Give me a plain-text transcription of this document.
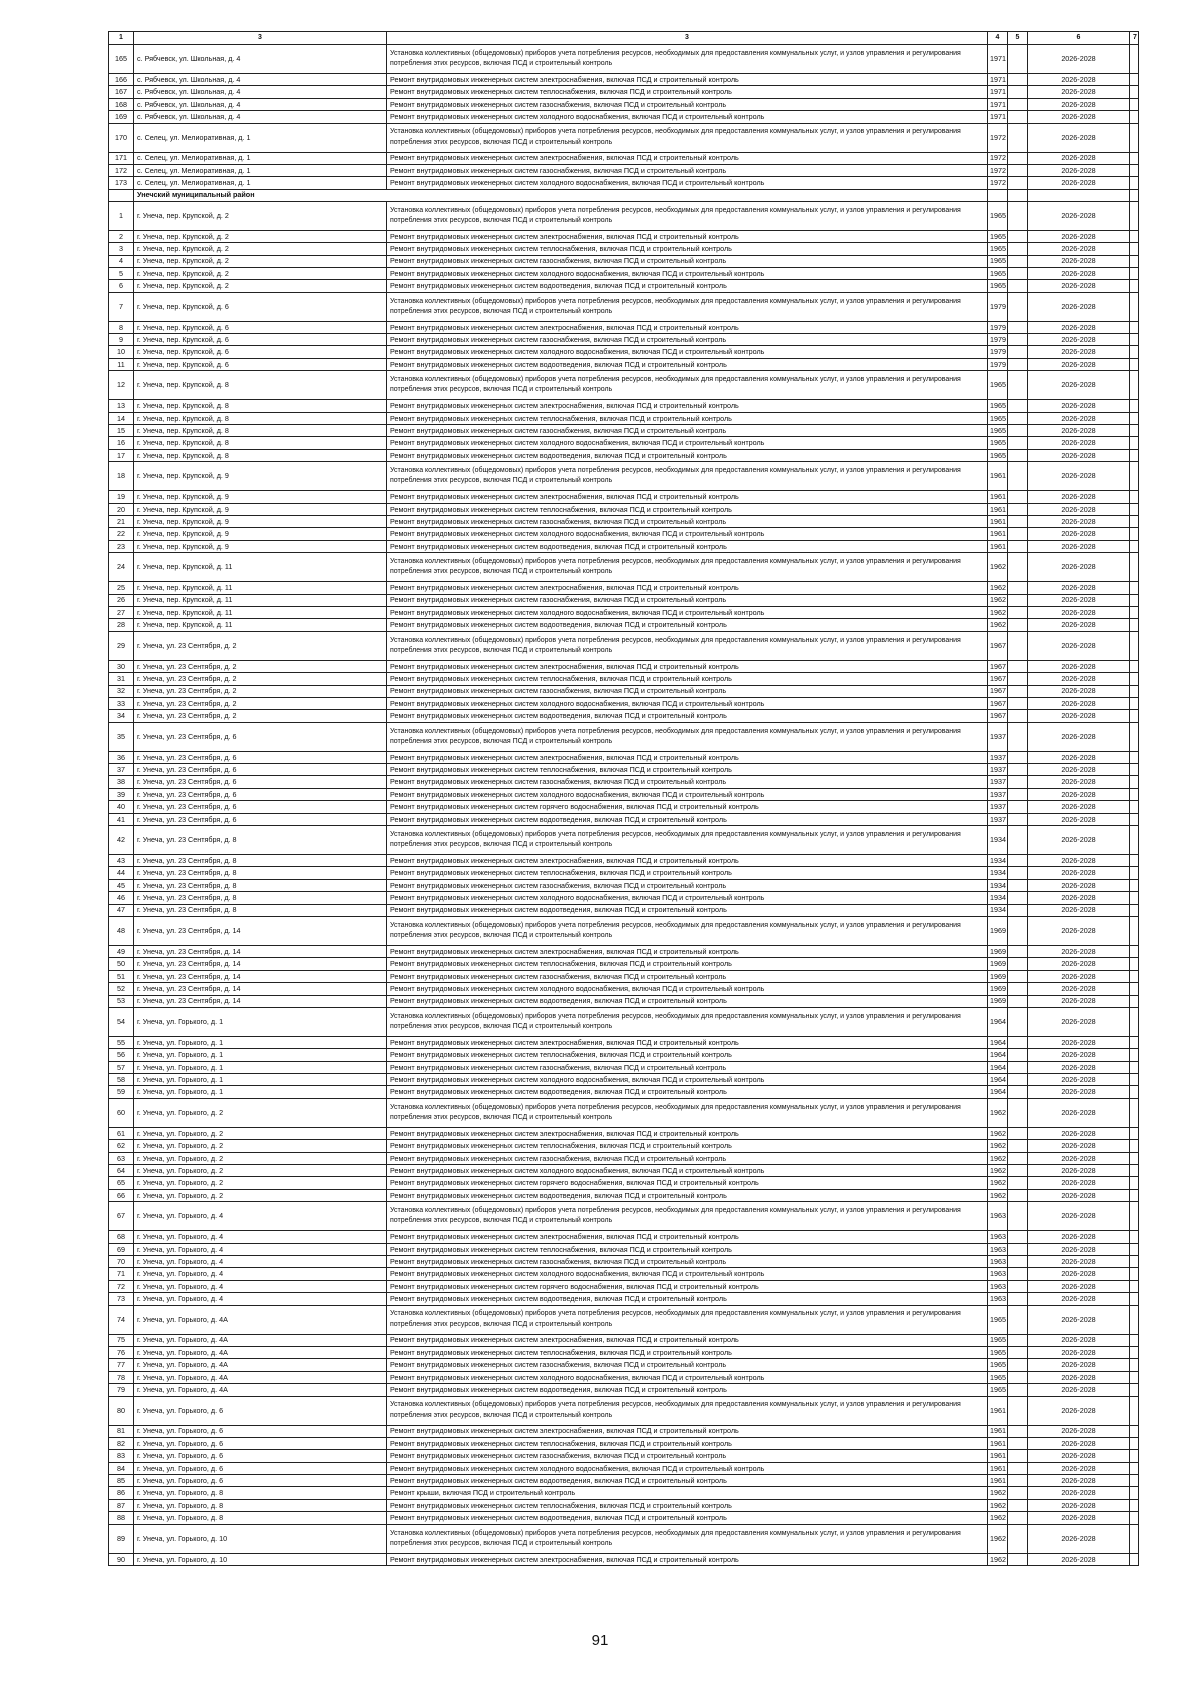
1	3	3	4	5	6	7
165	с. Рябчевск, ул. Школьная, д. 4	Установка коллективных (общедомовых) приборов учета потребления ресурсов, необходимых для предоставления коммунальных услуг, и узлов управления и регулирования потребления этих ресурсов, включая ПСД и строительный контроль	1971		2026-2028	
166	с. Рябчевск, ул. Школьная, д. 4	Ремонт внутридомовых инженерных систем электроснабжения, включая ПСД и строительный контроль	1971		2026-2028	
167	с. Рябчевск, ул. Школьная, д. 4	Ремонт внутридомовых инженерных систем теплоснабжения, включая ПСД и строительный контроль	1971		2026-2028	
168	с. Рябчевск, ул. Школьная, д. 4	Ремонт внутридомовых инженерных систем газоснабжения, включая ПСД и строительный контроль	1971		2026-2028	
169	с. Рябчевск, ул. Школьная, д. 4	Ремонт внутридомовых инженерных систем холодного водоснабжения, включая ПСД и строительный контроль	1971		2026-2028	
170	с. Селец, ул. Мелиоративная, д. 1	Установка коллективных (общедомовых) приборов учета потребления ресурсов, необходимых для предоставления коммунальных услуг, и узлов управления и регулирования потребления этих ресурсов, включая ПСД и строительный контроль	1972		2026-2028	
171	с. Селец, ул. Мелиоративная, д. 1	Ремонт внутридомовых инженерных систем электроснабжения, включая ПСД и строительный контроль	1972		2026-2028	
172	с. Селец, ул. Мелиоративная, д. 1	Ремонт внутридомовых инженерных систем газоснабжения, включая ПСД и строительный контроль	1972		2026-2028	
173	с. Селец, ул. Мелиоративная, д. 1	Ремонт внутридомовых инженерных систем холодного водоснабжения, включая ПСД и строительный контроль	1972		2026-2028	
	Унечский муниципальный район					
1	г. Унеча, пер. Крупской, д. 2	Установка коллективных (общедомовых) приборов учета потребления ресурсов, необходимых для предоставления коммунальных услуг, и узлов управления и регулирования потребления этих ресурсов, включая ПСД и строительный контроль	1965		2026-2028	
2	г. Унеча, пер. Крупской, д. 2	Ремонт внутридомовых инженерных систем электроснабжения, включая ПСД и строительный контроль	1965		2026-2028	
3	г. Унеча, пер. Крупской, д. 2	Ремонт внутридомовых инженерных систем теплоснабжения, включая ПСД и строительный контроль	1965		2026-2028	
4	г. Унеча, пер. Крупской, д. 2	Ремонт внутридомовых инженерных систем газоснабжения, включая ПСД и строительный контроль	1965		2026-2028	
5	г. Унеча, пер. Крупской, д. 2	Ремонт внутридомовых инженерных систем холодного водоснабжения, включая ПСД и строительный контроль	1965		2026-2028	
6	г. Унеча, пер. Крупской, д. 2	Ремонт внутридомовых инженерных систем водоотведения, включая ПСД и строительный контроль	1965		2026-2028	
7	г. Унеча, пер. Крупской, д. 6	Установка коллективных (общедомовых) приборов учета потребления ресурсов, необходимых для предоставления коммунальных услуг, и узлов управления и регулирования потребления этих ресурсов, включая ПСД и строительный контроль	1979		2026-2028	
8	г. Унеча, пер. Крупской, д. 6	Ремонт внутридомовых инженерных систем электроснабжения, включая ПСД и строительный контроль	1979		2026-2028	
9	г. Унеча, пер. Крупской, д. 6	Ремонт внутридомовых инженерных систем газоснабжения, включая ПСД и строительный контроль	1979		2026-2028	
10	г. Унеча, пер. Крупской, д. 6	Ремонт внутридомовых инженерных систем холодного водоснабжения, включая ПСД и строительный контроль	1979		2026-2028	
11	г. Унеча, пер. Крупской, д. 6	Ремонт внутридомовых инженерных систем водоотведения, включая ПСД и строительный контроль	1979		2026-2028	
12	г. Унеча, пер. Крупской, д. 8	Установка коллективных (общедомовых) приборов учета потребления ресурсов, необходимых для предоставления коммунальных услуг, и узлов управления и регулирования потребления этих ресурсов, включая ПСД и строительный контроль	1965		2026-2028	
13	г. Унеча, пер. Крупской, д. 8	Ремонт внутридомовых инженерных систем электроснабжения, включая ПСД и строительный контроль	1965		2026-2028	
14	г. Унеча, пер. Крупской, д. 8	Ремонт внутридомовых инженерных систем теплоснабжения, включая ПСД и строительный контроль	1965		2026-2028	
15	г. Унеча, пер. Крупской, д. 8	Ремонт внутридомовых инженерных систем газоснабжения, включая ПСД и строительный контроль	1965		2026-2028	
16	г. Унеча, пер. Крупской, д. 8	Ремонт внутридомовых инженерных систем холодного водоснабжения, включая ПСД и строительный контроль	1965		2026-2028	
17	г. Унеча, пер. Крупской, д. 8	Ремонт внутридомовых инженерных систем водоотведения, включая ПСД и строительный контроль	1965		2026-2028	
18	г. Унеча, пер. Крупской, д. 9	Установка коллективных (общедомовых) приборов учета потребления ресурсов, необходимых для предоставления коммунальных услуг, и узлов управления и регулирования потребления этих ресурсов, включая ПСД и строительный контроль	1961		2026-2028	
19	г. Унеча, пер. Крупской, д. 9	Ремонт внутридомовых инженерных систем электроснабжения, включая ПСД и строительный контроль	1961		2026-2028	
20	г. Унеча, пер. Крупской, д. 9	Ремонт внутридомовых инженерных систем теплоснабжения, включая ПСД и строительный контроль	1961		2026-2028	
21	г. Унеча, пер. Крупской, д. 9	Ремонт внутридомовых инженерных систем газоснабжения, включая ПСД и строительный контроль	1961		2026-2028	
22	г. Унеча, пер. Крупской, д. 9	Ремонт внутридомовых инженерных систем холодного водоснабжения, включая ПСД и строительный контроль	1961		2026-2028	
23	г. Унеча, пер. Крупской, д. 9	Ремонт внутридомовых инженерных систем водоотведения, включая ПСД и строительный контроль	1961		2026-2028	
24	г. Унеча, пер. Крупской, д. 11	Установка коллективных (общедомовых) приборов учета потребления ресурсов, необходимых для предоставления коммунальных услуг, и узлов управления и регулирования потребления этих ресурсов, включая ПСД и строительный контроль	1962		2026-2028	
25	г. Унеча, пер. Крупской, д. 11	Ремонт внутридомовых инженерных систем электроснабжения, включая ПСД и строительный контроль	1962		2026-2028	
26	г. Унеча, пер. Крупской, д. 11	Ремонт внутридомовых инженерных систем газоснабжения, включая ПСД и строительный контроль	1962		2026-2028	
27	г. Унеча, пер. Крупской, д. 11	Ремонт внутридомовых инженерных систем холодного водоснабжения, включая ПСД и строительный контроль	1962		2026-2028	
28	г. Унеча, пер. Крупской, д. 11	Ремонт внутридомовых инженерных систем водоотведения, включая ПСД и строительный контроль	1962		2026-2028	
29	г. Унеча, ул. 23 Сентября, д. 2	Установка коллективных (общедомовых) приборов учета потребления ресурсов, необходимых для предоставления коммунальных услуг, и узлов управления и регулирования потребления этих ресурсов, включая ПСД и строительный контроль	1967		2026-2028	
30	г. Унеча, ул. 23 Сентября, д. 2	Ремонт внутридомовых инженерных систем электроснабжения, включая ПСД и строительный контроль	1967		2026-2028	
31	г. Унеча, ул. 23 Сентября, д. 2	Ремонт внутридомовых инженерных систем теплоснабжения, включая ПСД и строительный контроль	1967		2026-2028	
32	г. Унеча, ул. 23 Сентября, д. 2	Ремонт внутридомовых инженерных систем газоснабжения, включая ПСД и строительный контроль	1967		2026-2028	
33	г. Унеча, ул. 23 Сентября, д. 2	Ремонт внутридомовых инженерных систем холодного водоснабжения, включая ПСД и строительный контроль	1967		2026-2028	
34	г. Унеча, ул. 23 Сентября, д. 2	Ремонт внутридомовых инженерных систем водоотведения, включая ПСД и строительный контроль	1967		2026-2028	
35	г. Унеча, ул. 23 Сентября, д. 6	Установка коллективных (общедомовых) приборов учета потребления ресурсов, необходимых для предоставления коммунальных услуг, и узлов управления и регулирования потребления этих ресурсов, включая ПСД и строительный контроль	1937		2026-2028	
36	г. Унеча, ул. 23 Сентября, д. 6	Ремонт внутридомовых инженерных систем электроснабжения, включая ПСД и строительный контроль	1937		2026-2028	
37	г. Унеча, ул. 23 Сентября, д. 6	Ремонт внутридомовых инженерных систем теплоснабжения, включая ПСД и строительный контроль	1937		2026-2028	
38	г. Унеча, ул. 23 Сентября, д. 6	Ремонт внутридомовых инженерных систем газоснабжения, включая ПСД и строительный контроль	1937		2026-2028	
39	г. Унеча, ул. 23 Сентября, д. 6	Ремонт внутридомовых инженерных систем холодного водоснабжения, включая ПСД и строительный контроль	1937		2026-2028	
40	г. Унеча, ул. 23 Сентября, д. 6	Ремонт внутридомовых инженерных систем горячего водоснабжения, включая ПСД и строительный контроль	1937		2026-2028	
41	г. Унеча, ул. 23 Сентября, д. 6	Ремонт внутридомовых инженерных систем водоотведения, включая ПСД и строительный контроль	1937		2026-2028	
42	г. Унеча, ул. 23 Сентября, д. 8	Установка коллективных (общедомовых) приборов учета потребления ресурсов, необходимых для предоставления коммунальных услуг, и узлов управления и регулирования потребления этих ресурсов, включая ПСД и строительный контроль	1934		2026-2028	
43	г. Унеча, ул. 23 Сентября, д. 8	Ремонт внутридомовых инженерных систем электроснабжения, включая ПСД и строительный контроль	1934		2026-2028	
44	г. Унеча, ул. 23 Сентября, д. 8	Ремонт внутридомовых инженерных систем теплоснабжения, включая ПСД и строительный контроль	1934		2026-2028	
45	г. Унеча, ул. 23 Сентября, д. 8	Ремонт внутридомовых инженерных систем газоснабжения, включая ПСД и строительный контроль	1934		2026-2028	
46	г. Унеча, ул. 23 Сентября, д. 8	Ремонт внутридомовых инженерных систем холодного водоснабжения, включая ПСД и строительный контроль	1934		2026-2028	
47	г. Унеча, ул. 23 Сентября, д. 8	Ремонт внутридомовых инженерных систем водоотведения, включая ПСД и строительный контроль	1934		2026-2028	
48	г. Унеча, ул. 23 Сентября, д. 14	Установка коллективных (общедомовых) приборов учета потребления ресурсов, необходимых для предоставления коммунальных услуг, и узлов управления и регулирования потребления этих ресурсов, включая ПСД и строительный контроль	1969		2026-2028	
49	г. Унеча, ул. 23 Сентября, д. 14	Ремонт внутридомовых инженерных систем электроснабжения, включая ПСД и строительный контроль	1969		2026-2028	
50	г. Унеча, ул. 23 Сентября, д. 14	Ремонт внутридомовых инженерных систем теплоснабжения, включая ПСД и строительный контроль	1969		2026-2028	
51	г. Унеча, ул. 23 Сентября, д. 14	Ремонт внутридомовых инженерных систем газоснабжения, включая ПСД и строительный контроль	1969		2026-2028	
52	г. Унеча, ул. 23 Сентября, д. 14	Ремонт внутридомовых инженерных систем холодного водоснабжения, включая ПСД и строительный контроль	1969		2026-2028	
53	г. Унеча, ул. 23 Сентября, д. 14	Ремонт внутридомовых инженерных систем водоотведения, включая ПСД и строительный контроль	1969		2026-2028	
54	г. Унеча, ул. Горького, д. 1	Установка коллективных (общедомовых) приборов учета потребления ресурсов, необходимых для предоставления коммунальных услуг, и узлов управления и регулирования потребления этих ресурсов, включая ПСД и строительный контроль	1964		2026-2028	
55	г. Унеча, ул. Горького, д. 1	Ремонт внутридомовых инженерных систем электроснабжения, включая ПСД и строительный контроль	1964		2026-2028	
56	г. Унеча, ул. Горького, д. 1	Ремонт внутридомовых инженерных систем теплоснабжения, включая ПСД и строительный контроль	1964		2026-2028	
57	г. Унеча, ул. Горького, д. 1	Ремонт внутридомовых инженерных систем газоснабжения, включая ПСД и строительный контроль	1964		2026-2028	
58	г. Унеча, ул. Горького, д. 1	Ремонт внутридомовых инженерных систем холодного водоснабжения, включая ПСД и строительный контроль	1964		2026-2028	
59	г. Унеча, ул. Горького, д. 1	Ремонт внутридомовых инженерных систем водоотведения, включая ПСД и строительный контроль	1964		2026-2028	
60	г. Унеча, ул. Горького, д. 2	Установка коллективных (общедомовых) приборов учета потребления ресурсов, необходимых для предоставления коммунальных услуг, и узлов управления и регулирования потребления этих ресурсов, включая ПСД и строительный контроль	1962		2026-2028	
61	г. Унеча, ул. Горького, д. 2	Ремонт внутридомовых инженерных систем электроснабжения, включая ПСД и строительный контроль	1962		2026-2028	
62	г. Унеча, ул. Горького, д. 2	Ремонт внутридомовых инженерных систем теплоснабжения, включая ПСД и строительный контроль	1962		2026-2028	
63	г. Унеча, ул. Горького, д. 2	Ремонт внутридомовых инженерных систем газоснабжения, включая ПСД и строительный контроль	1962		2026-2028	
64	г. Унеча, ул. Горького, д. 2	Ремонт внутридомовых инженерных систем холодного водоснабжения, включая ПСД и строительный контроль	1962		2026-2028	
65	г. Унеча, ул. Горького, д. 2	Ремонт внутридомовых инженерных систем горячего водоснабжения, включая ПСД и строительный контроль	1962		2026-2028	
66	г. Унеча, ул. Горького, д. 2	Ремонт внутридомовых инженерных систем водоотведения, включая ПСД и строительный контроль	1962		2026-2028	
67	г. Унеча, ул. Горького, д. 4	Установка коллективных (общедомовых) приборов учета потребления ресурсов, необходимых для предоставления коммунальных услуг, и узлов управления и регулирования потребления этих ресурсов, включая ПСД и строительный контроль	1963		2026-2028	
68	г. Унеча, ул. Горького, д. 4	Ремонт внутридомовых инженерных систем электроснабжения, включая ПСД и строительный контроль	1963		2026-2028	
69	г. Унеча, ул. Горького, д. 4	Ремонт внутридомовых инженерных систем теплоснабжения, включая ПСД и строительный контроль	1963		2026-2028	
70	г. Унеча, ул. Горького, д. 4	Ремонт внутридомовых инженерных систем газоснабжения, включая ПСД и строительный контроль	1963		2026-2028	
71	г. Унеча, ул. Горького, д. 4	Ремонт внутридомовых инженерных систем холодного водоснабжения, включая ПСД и строительный контроль	1963		2026-2028	
72	г. Унеча, ул. Горького, д. 4	Ремонт внутридомовых инженерных систем горячего водоснабжения, включая ПСД и строительный контроль	1963		2026-2028	
73	г. Унеча, ул. Горького, д. 4	Ремонт внутридомовых инженерных систем водоотведения, включая ПСД и строительный контроль	1963		2026-2028	
74	г. Унеча, ул. Горького, д. 4А	Установка коллективных (общедомовых) приборов учета потребления ресурсов, необходимых для предоставления коммунальных услуг, и узлов управления и регулирования потребления этих ресурсов, включая ПСД и строительный контроль	1965		2026-2028	
75	г. Унеча, ул. Горького, д. 4А	Ремонт внутридомовых инженерных систем электроснабжения, включая ПСД и строительный контроль	1965		2026-2028	
76	г. Унеча, ул. Горького, д. 4А	Ремонт внутридомовых инженерных систем теплоснабжения, включая ПСД и строительный контроль	1965		2026-2028	
77	г. Унеча, ул. Горького, д. 4А	Ремонт внутридомовых инженерных систем газоснабжения, включая ПСД и строительный контроль	1965		2026-2028	
78	г. Унеча, ул. Горького, д. 4А	Ремонт внутридомовых инженерных систем холодного водоснабжения, включая ПСД и строительный контроль	1965		2026-2028	
79	г. Унеча, ул. Горького, д. 4А	Ремонт внутридомовых инженерных систем водоотведения, включая ПСД и строительный контроль	1965		2026-2028	
80	г. Унеча, ул. Горького, д. 6	Установка коллективных (общедомовых) приборов учета потребления ресурсов, необходимых для предоставления коммунальных услуг, и узлов управления и регулирования потребления этих ресурсов, включая ПСД и строительный контроль	1961		2026-2028	
81	г. Унеча, ул. Горького, д. 6	Ремонт внутридомовых инженерных систем электроснабжения, включая ПСД и строительный контроль	1961		2026-2028	
82	г. Унеча, ул. Горького, д. 6	Ремонт внутридомовых инженерных систем теплоснабжения, включая ПСД и строительный контроль	1961		2026-2028	
83	г. Унеча, ул. Горького, д. 6	Ремонт внутридомовых инженерных систем газоснабжения, включая ПСД и строительный контроль	1961		2026-2028	
84	г. Унеча, ул. Горького, д. 6	Ремонт внутридомовых инженерных систем холодного водоснабжения, включая ПСД и строительный контроль	1961		2026-2028	
85	г. Унеча, ул. Горького, д. 6	Ремонт внутридомовых инженерных систем водоотведения, включая ПСД и строительный контроль	1961		2026-2028	
86	г. Унеча, ул. Горького, д. 8	Ремонт крыши, включая ПСД и строительный контроль	1962		2026-2028	
87	г. Унеча, ул. Горького, д. 8	Ремонт внутридомовых инженерных систем теплоснабжения, включая ПСД и строительный контроль	1962		2026-2028	
88	г. Унеча, ул. Горького, д. 8	Ремонт внутридомовых инженерных систем водоотведения, включая ПСД и строительный контроль	1962		2026-2028	
89	г. Унеча, ул. Горького, д. 10	Установка коллективных (общедомовых) приборов учета потребления ресурсов, необходимых для предоставления коммунальных услуг, и узлов управления и регулирования потребления этих ресурсов, включая ПСД и строительный контроль	1962		2026-2028	
90	г. Унеча, ул. Горького, д. 10	Ремонт внутридомовых инженерных систем электроснабжения, включая ПСД и строительный контроль	1962		2026-2028	
91
